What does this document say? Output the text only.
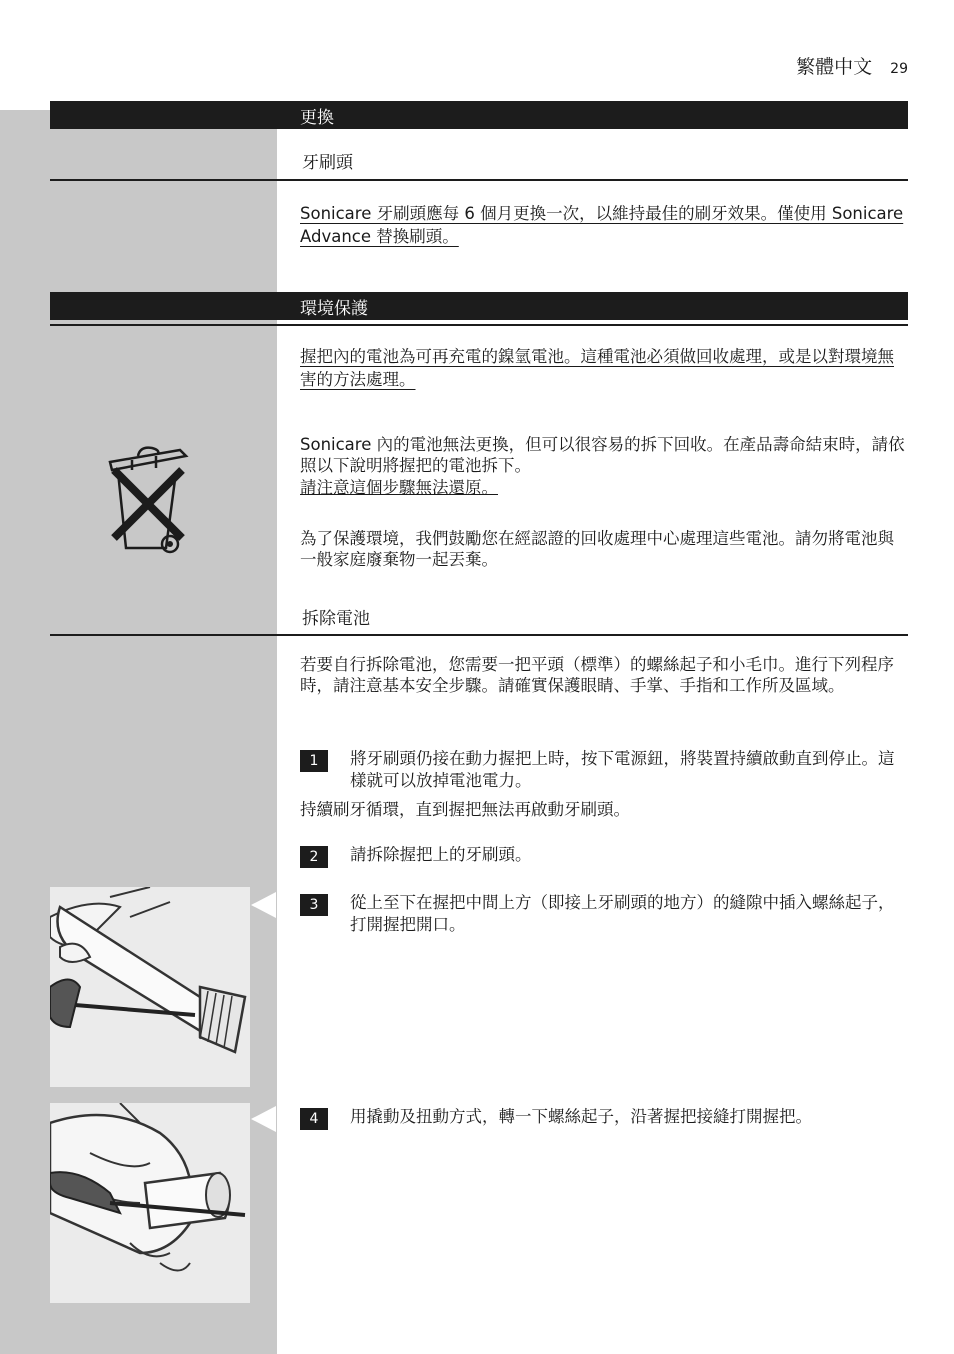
繁體中文 29
更換
牙刷頭

Sonicare 牙刷頭應每 6 個月更換一次，以維持最佳的刷牙效果。僅使用 Sonicare Advance 替換刷頭。

環境保護

握把內的電池為可再充電的鎳氫電池。這種電池必須做回收處理，或是以對環境無害的方法處理。

Sonicare 內的電池無法更換，但可以很容易的拆下回收。在產品壽命結束時，請依照以下說明將握把的電池拆下。
請注意這個步驟無法還原。

為了保護環境，我們鼓勵您在經認證的回收處理中心處理這些電池。請勿將電池與一般家庭廢棄物一起丟棄。

拆除電池

若要自行拆除電池，您需要一把平頭（標準）的螺絲起子和小毛巾。進行下列程序時，請注意基本安全步驟。請確實保護眼睛、手掌、手指和工作所及區域。

1	將牙刷頭仍接在動力握把上時，按下電源鈕，將裝置持續啟動直到停止。這樣就可以放掉電池電力。
持續刷牙循環，直到握把無法再啟動牙刷頭。
2	請拆除握把上的牙刷頭。
3	從上至下在握把中間上方（即接上牙刷頭的地方）的縫隙中插入螺絲起子，打開握把開口。
4	用撬動及扭動方式，轉一下螺絲起子，沿著握把接縫打開握把。
